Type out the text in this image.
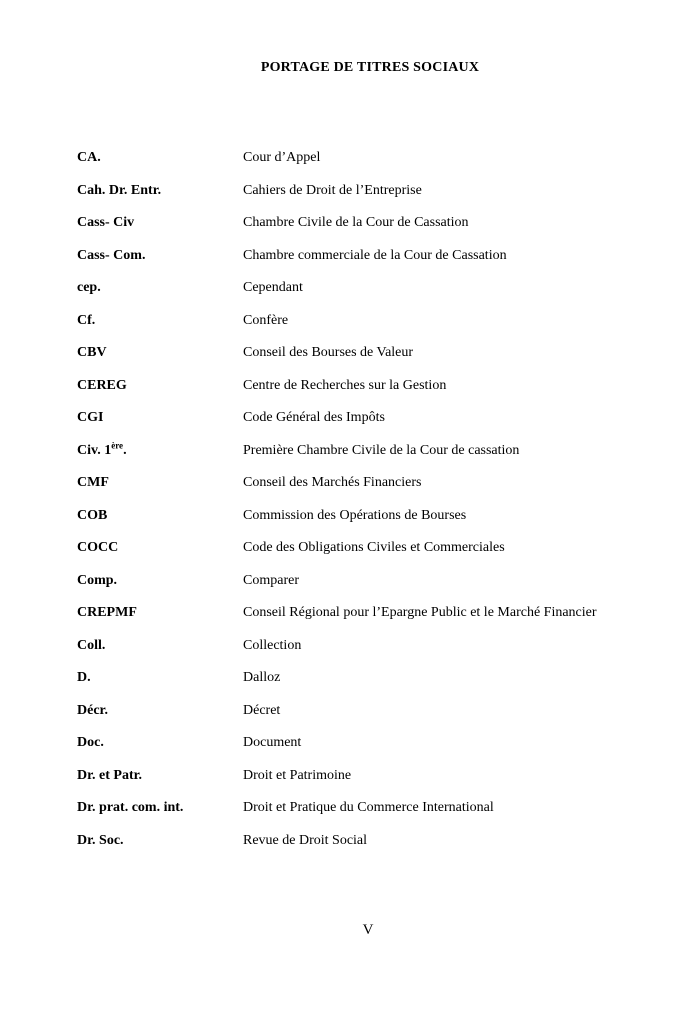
PORTAGE DE TITRES SOCIAUX
CA.	Cour d’Appel
Cah. Dr. Entr.	Cahiers de Droit de l’Entreprise
Cass- Civ	Chambre Civile de la Cour de Cassation
Cass- Com.	Chambre commerciale de la Cour de Cassation
cep.	Cependant
Cf.	Confère
CBV	Conseil des Bourses de Valeur
CEREG	Centre de Recherches sur la Gestion
CGI	Code Général des Impôts
Civ. 1ère.	Première Chambre Civile de la Cour de cassation
CMF	Conseil des Marchés Financiers
COB	Commission des Opérations de Bourses
COCC	Code des Obligations Civiles et Commerciales
Comp.	Comparer
CREPMF	Conseil Régional pour l’Epargne Public et le Marché Financier
Coll.	Collection
D.	Dalloz
Décr.	Décret
Doc.	Document
Dr. et Patr.	Droit et Patrimoine
Dr. prat. com. int.	Droit et Pratique du Commerce International
Dr. Soc.	Revue de Droit Social
V
